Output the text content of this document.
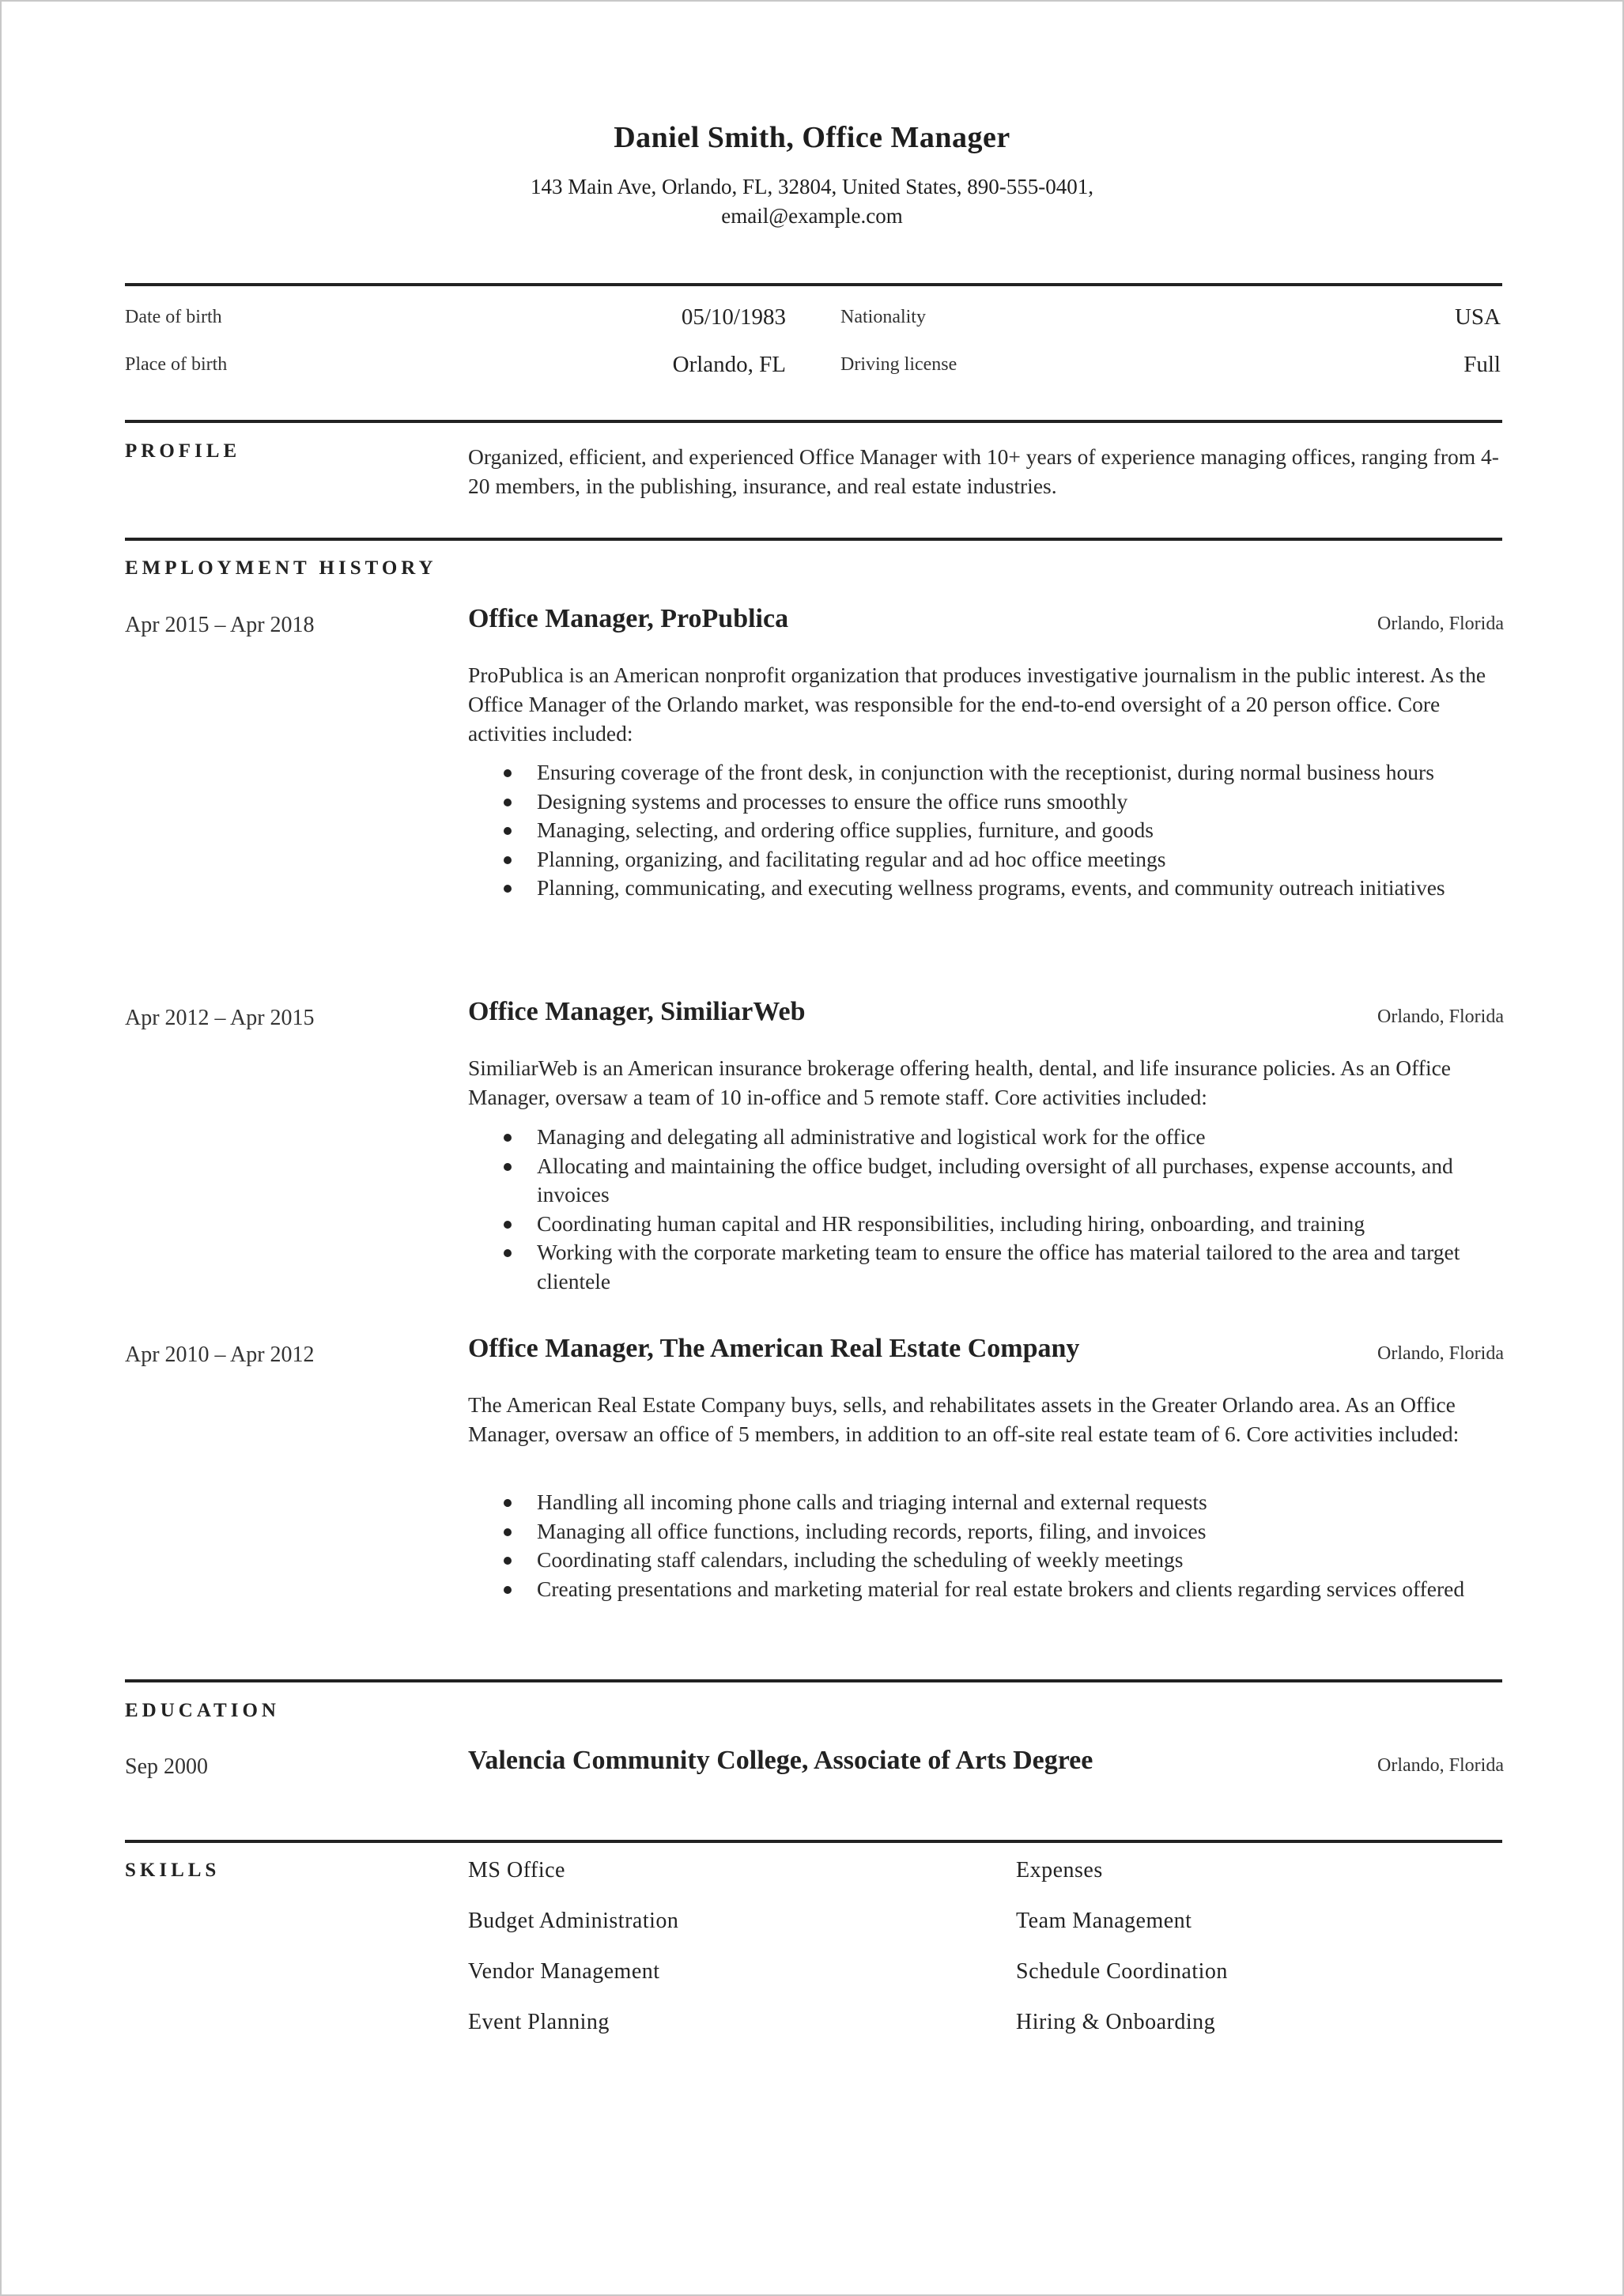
Daniel Smith, Office Manager
143 Main Ave, Orlando, FL, 32804, United States, 890-555-0401,
email@example.com
Date of birth	05/10/1983	Nationality	USA
Place of birth	Orlando, FL	Driving license	Full
PROFILE	Organized, efficient, and experienced Office Manager with 10+ years of experience managing offices, ranging from 4-20 members, in the publishing, insurance, and real estate industries.
EMPLOYMENT HISTORY
Apr 2015 – Apr 2018	Office Manager, ProPublica	Orlando, Florida
ProPublica is an American nonprofit organization that produces investigative journalism in the public interest. As the Office Manager of the Orlando market, was responsible for the end-to-end oversight of a 20 person office. Core activities included:
Ensuring coverage of the front desk, in conjunction with the receptionist, during normal business hours
Designing systems and processes to ensure the office runs smoothly
Managing, selecting, and ordering office supplies, furniture, and goods
Planning, organizing, and facilitating regular and ad hoc office meetings
Planning, communicating, and executing wellness programs, events, and community outreach initiatives
Apr 2012 – Apr 2015	Office Manager, SimiliarWeb	Orlando, Florida
SimiliarWeb is an American insurance brokerage offering health, dental, and life insurance policies. As an Office Manager, oversaw a team of 10 in-office and 5 remote staff. Core activities included:
Managing and delegating all administrative and logistical work for the office
Allocating and maintaining the office budget, including oversight of all purchases, expense accounts, and invoices
Coordinating human capital and HR responsibilities, including hiring, onboarding, and training
Working with the corporate marketing team to ensure the office has material tailored to the area and target clientele
Apr 2010 – Apr 2012	Office Manager, The American Real Estate Company	Orlando, Florida
The American Real Estate Company buys, sells, and rehabilitates assets in the Greater Orlando area. As an Office Manager, oversaw an office of 5 members, in addition to an off-site real estate team of 6. Core activities included:
Handling all incoming phone calls and triaging internal and external requests
Managing all office functions, including records, reports, filing, and invoices
Coordinating staff calendars, including the scheduling of weekly meetings
Creating presentations and marketing material for real estate brokers and clients regarding services offered
EDUCATION
Sep 2000	Valencia Community College, Associate of Arts Degree	Orlando, Florida
SKILLS	MS Office	Expenses
Budget Administration	Team Management
Vendor Management	Schedule Coordination
Event Planning	Hiring & Onboarding
